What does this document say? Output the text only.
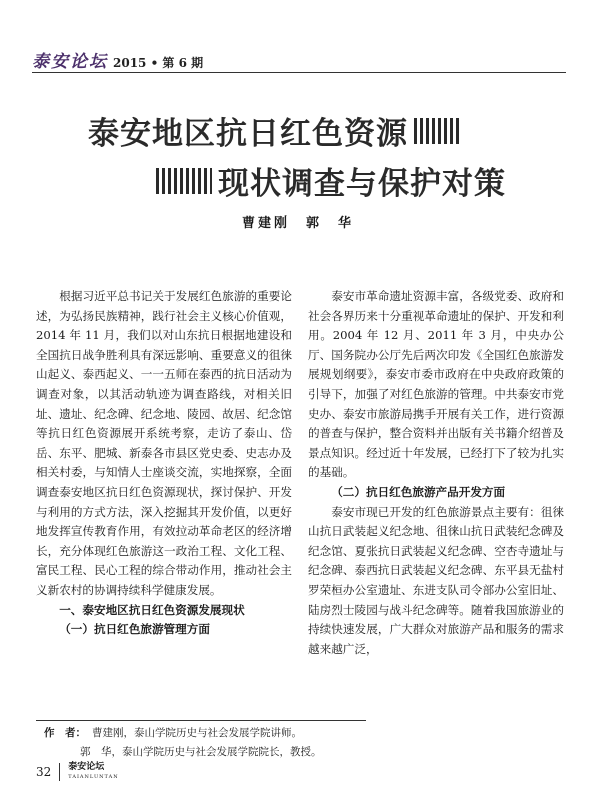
泰安论坛 2015 • 第 6 期
泰安地区抗日红色资源
现状调查与保护对策
曹建刚　郭　华

根据习近平总书记关于发展红色旅游的重要论述，为弘扬民族精神，践行社会主义核心价值观，2014 年 11 月，我们以对山东抗日根据地建设和全国抗日战争胜利具有深远影响、重要意义的徂徕山起义、泰西起义、一一五师在泰西的抗日活动为调查对象，以其活动轨迹为调查路线，对相关旧址、遗址、纪念碑、纪念地、陵园、故居、纪念馆等抗日红色资源展开系统考察，走访了泰山、岱岳、东平、肥城、新泰各市县区党史委、史志办及相关村委，与知情人士座谈交流，实地探察，全面调查泰安地区抗日红色资源现状，探讨保护、开发与利用的方式方法，深入挖掘其开发价值，以更好地发挥宣传教育作用，有效拉动革命老区的经济增长，充分体现红色旅游这一政治工程、文化工程、富民工程、民心工程的综合带动作用，推动社会主义新农村的协调持续科学健康发展。

一、泰安地区抗日红色资源发展现状
（一）抗日红色旅游管理方面

泰安市革命遗址资源丰富，各级党委、政府和社会各界历来十分重视革命遗址的保护、开发和利用。2004 年 12 月、2011 年 3 月，中央办公厅、国务院办公厅先后两次印发《全国红色旅游发展规划纲要》，泰安市委市政府在中央政府政策的引导下，加强了对红色旅游的管理。中共泰安市党史办、泰安市旅游局携手开展有关工作，进行资源的普查与保护，整合资料并出版有关书籍介绍普及景点知识。经过近十年发展，已经打下了较为扎实的基础。

（二）抗日红色旅游产品开发方面

泰安市现已开发的红色旅游景点主要有：徂徕山抗日武装起义纪念地、徂徕山抗日武装纪念碑及纪念馆、夏张抗日武装起义纪念碑、空杏寺遗址与纪念碑、泰西抗日武装起义纪念碑、东平县无盐村罗荣桓办公室遗址、东进支队司令部办公室旧址、陆房烈士陵园与战斗纪念碑等。随着我国旅游业的持续快速发展，广大群众对旅游产品和服务的需求越来越广泛，

作　者： 曹建刚，泰山学院历史与社会发展学院讲师。
郭　华，泰山学院历史与社会发展学院院长，教授。
32 泰安论坛
TAIANLUNTAN
